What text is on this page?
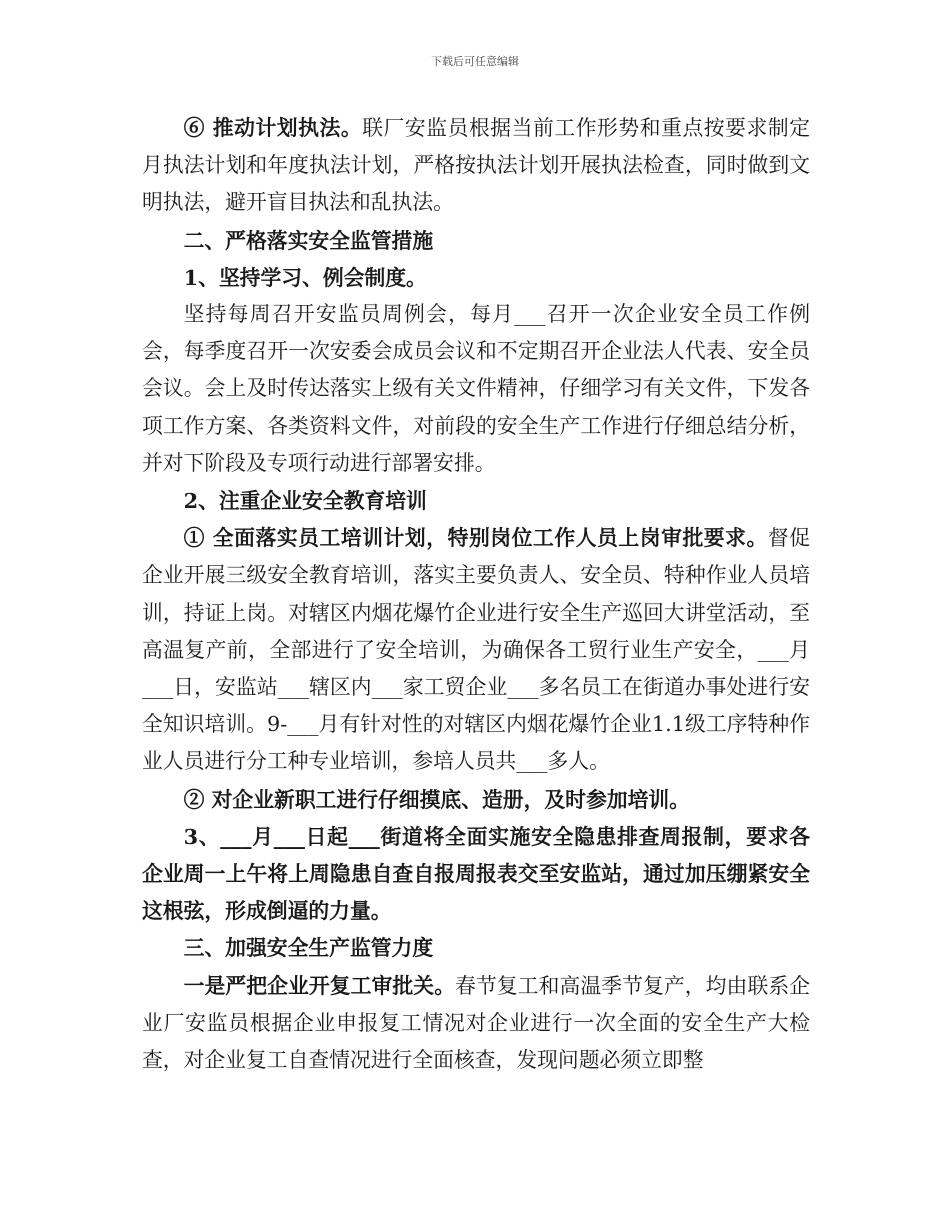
下载后可任意编辑

⑥ 推动计划执法。联厂安监员根据当前工作形势和重点按要求制定月执法计划和年度执法计划，严格按执法计划开展执法检查，同时做到文明执法，避开盲目执法和乱执法。

二、严格落实安全监管措施

1、坚持学习、例会制度。

坚持每周召开安监员周例会，每月___召开一次企业安全员工作例会，每季度召开一次安委会成员会议和不定期召开企业法人代表、安全员会议。会上及时传达落实上级有关文件精神，仔细学习有关文件，下发各项工作方案、各类资料文件，对前段的安全生产工作进行仔细总结分析，并对下阶段及专项行动进行部署安排。

2、注重企业安全教育培训

① 全面落实员工培训计划，特别岗位工作人员上岗审批要求。督促企业开展三级安全教育培训，落实主要负责人、安全员、特种作业人员培训，持证上岗。对辖区内烟花爆竹企业进行安全生产巡回大讲堂活动，至高温复产前，全部进行了安全培训，为确保各工贸行业生产安全，___月___日，安监站___辖区内___家工贸企业___多名员工在街道办事处进行安全知识培训。9-___月有针对性的对辖区内烟花爆竹企业1.1级工序特种作业人员进行分工种专业培训，参培人员共___多人。

② 对企业新职工进行仔细摸底、造册，及时参加培训。

3、___月___日起___街道将全面实施安全隐患排查周报制，要求各企业周一上午将上周隐患自查自报周报表交至安监站，通过加压绷紧安全这根弦，形成倒逼的力量。

三、加强安全生产监管力度

一是严把企业开复工审批关。春节复工和高温季节复产，均由联系企业厂安监员根据企业申报复工情况对企业进行一次全面的安全生产大检查，对企业复工自查情况进行全面核查，发现问题必须立即整
